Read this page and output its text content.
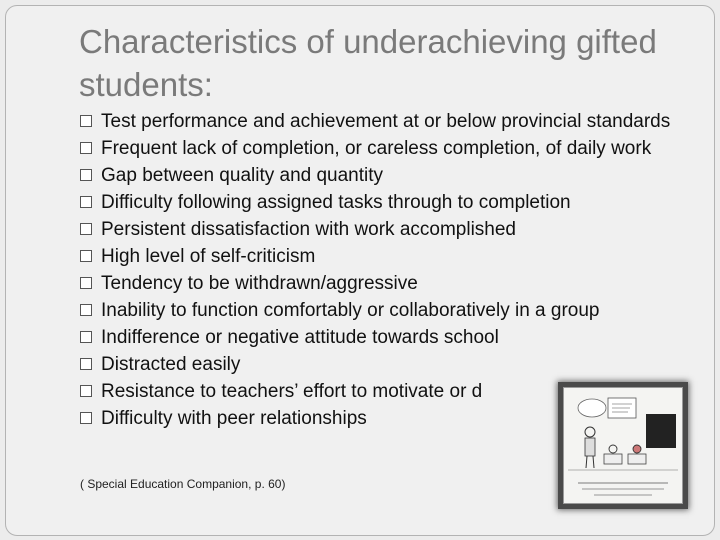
Characteristics of underachieving gifted students:
Test performance and achievement at or below provincial standards
Frequent lack of completion, or careless completion, of daily work
Gap between quality and quantity
Difficulty following assigned tasks through to completion
Persistent dissatisfaction with work accomplished
High level of self-criticism
Tendency to be withdrawn/aggressive
Inability to function comfortably or collaboratively in a group
Indifference or negative attitude towards school
Distracted easily
Resistance to teachers’ effort to motivate or d
Difficulty with peer relationships
( Special Education Companion, p. 60)
